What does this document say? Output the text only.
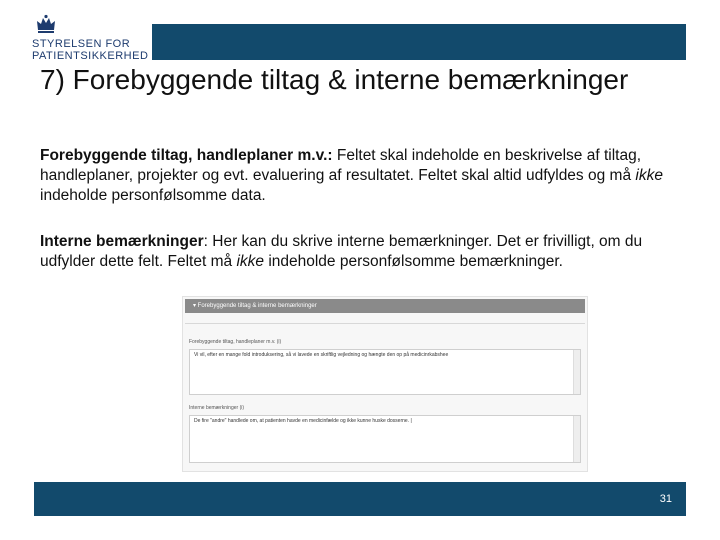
STYRELSEN FOR
PATIENTSIKKERHED
7) Forebyggende tiltag & interne bemærkninger

Forebyggende tiltag, handleplaner m.v.: Feltet skal indeholde en beskrivelse af tiltag, handleplaner, projekter og evt. evaluering af resultatet. Feltet skal altid udfyldes og må ikke indeholde personfølsomme data.

Interne bemærkninger: Her kan du skrive interne bemærkninger. Det er frivilligt, om du udfylder dette felt. Feltet må ikke indeholde personfølsomme bemærkninger.

▾ Forebyggende tiltag & interne bemærkninger
Forebyggende tiltag, handleplaner m.v. (i)
Vi vil, efter en mange fold introduksering, så vi lavede en skriftlig vejledning og hængte den op på medicinrkabshee
Interne bemærkninger (i)
De fire "andre" handlede om, at patienten havde en medicinfælde og ikke kunne huske dosserne. |
31
